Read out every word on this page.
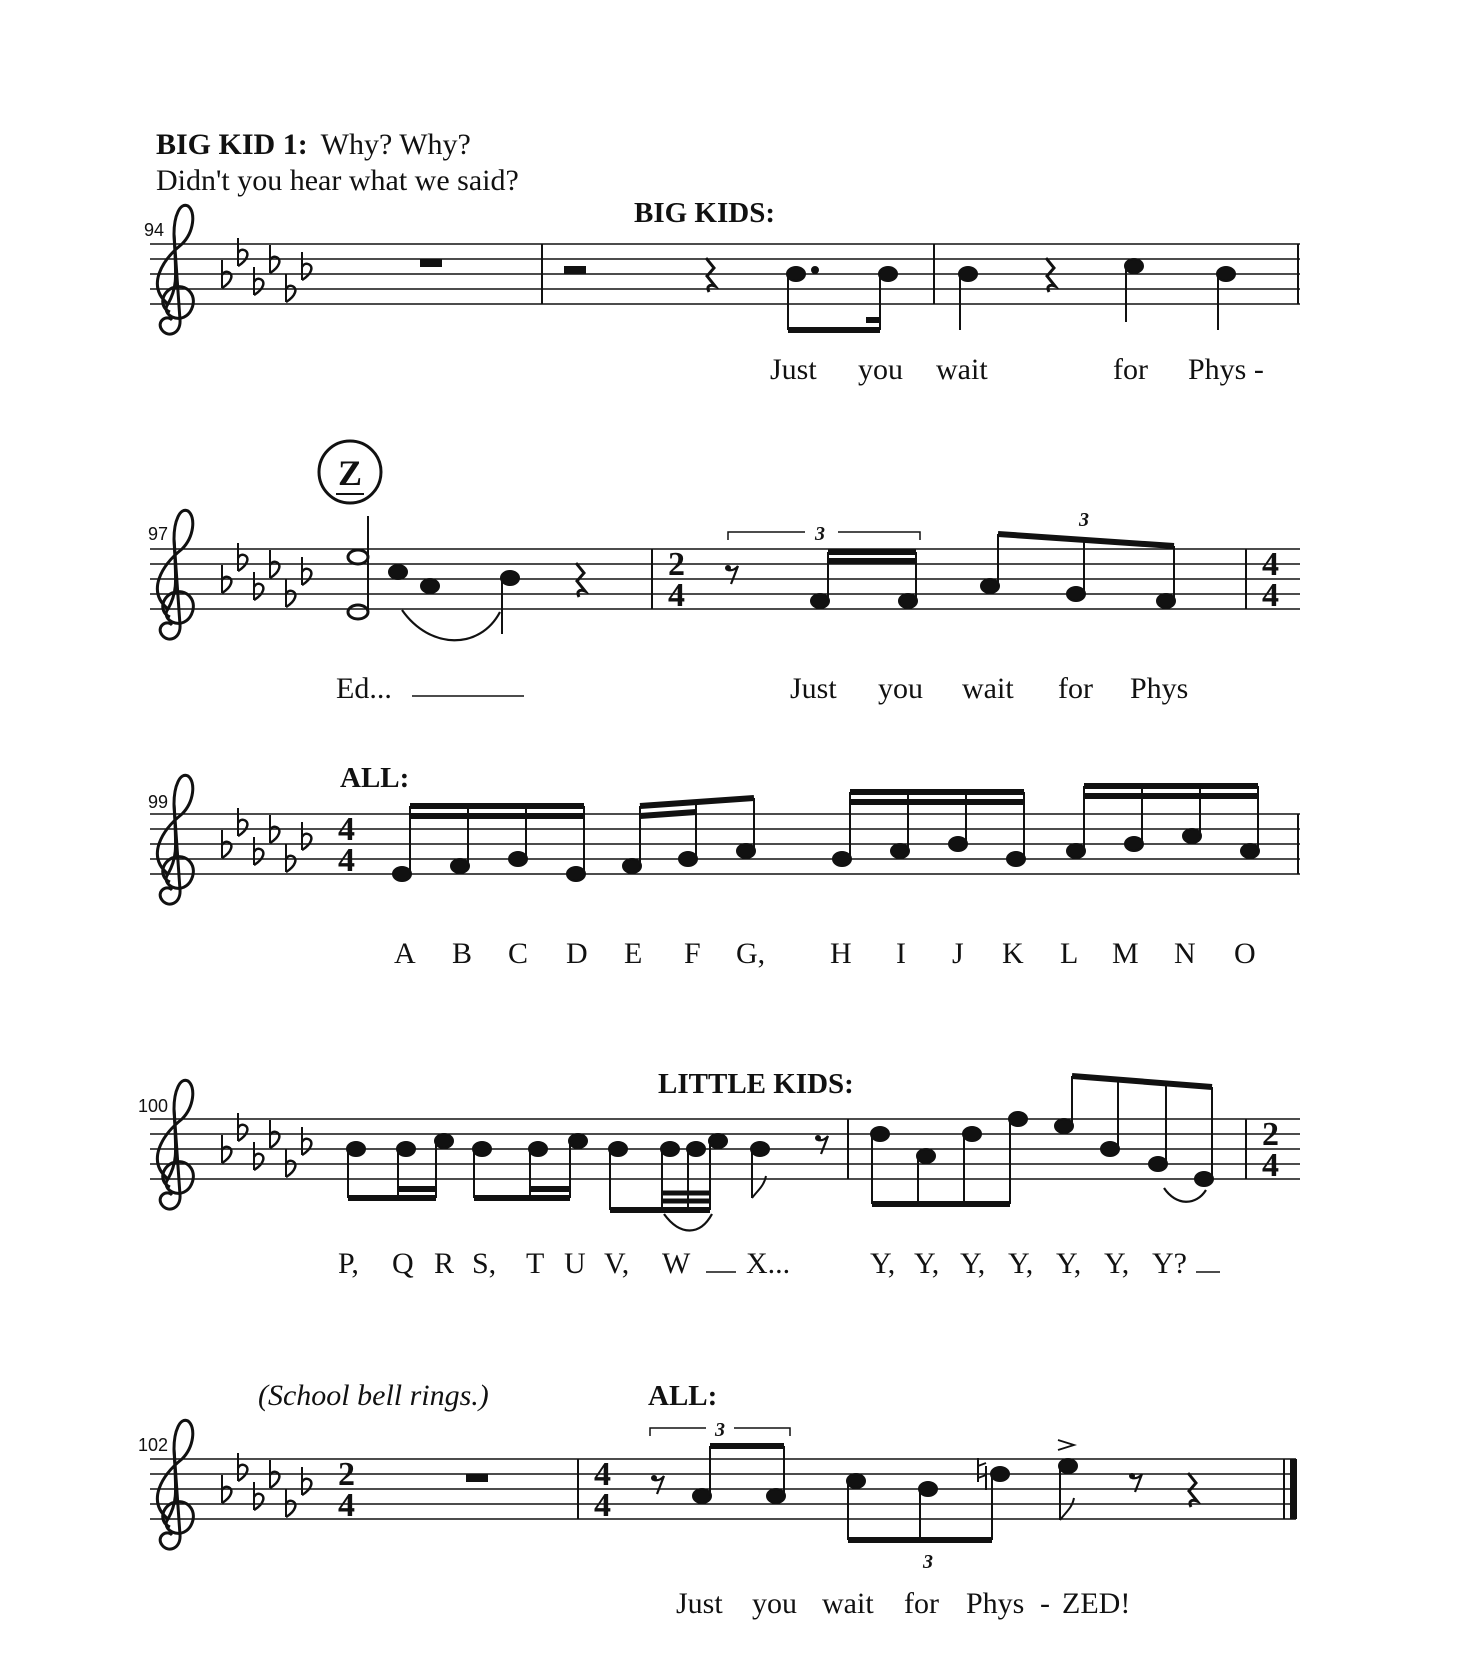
BIG KID 1: Why? Why?
Didn't you hear what we said?
94
BIG KIDS:
Just you wait	for Phys -
Z
97
2
4
3
3
4
4
Ed...	Just you wait for Phys
99
ALL:
4
4
A B C D E F G, H I J K L M N O
100
LITTLE KIDS:
2
4
P, Q R S, T U V, W X...	Y, Y, Y, Y, Y, Y, Y?
(School bell rings.)
102
ALL:
2
4
4
4
3
3
Just you wait for Phys - ZED!
